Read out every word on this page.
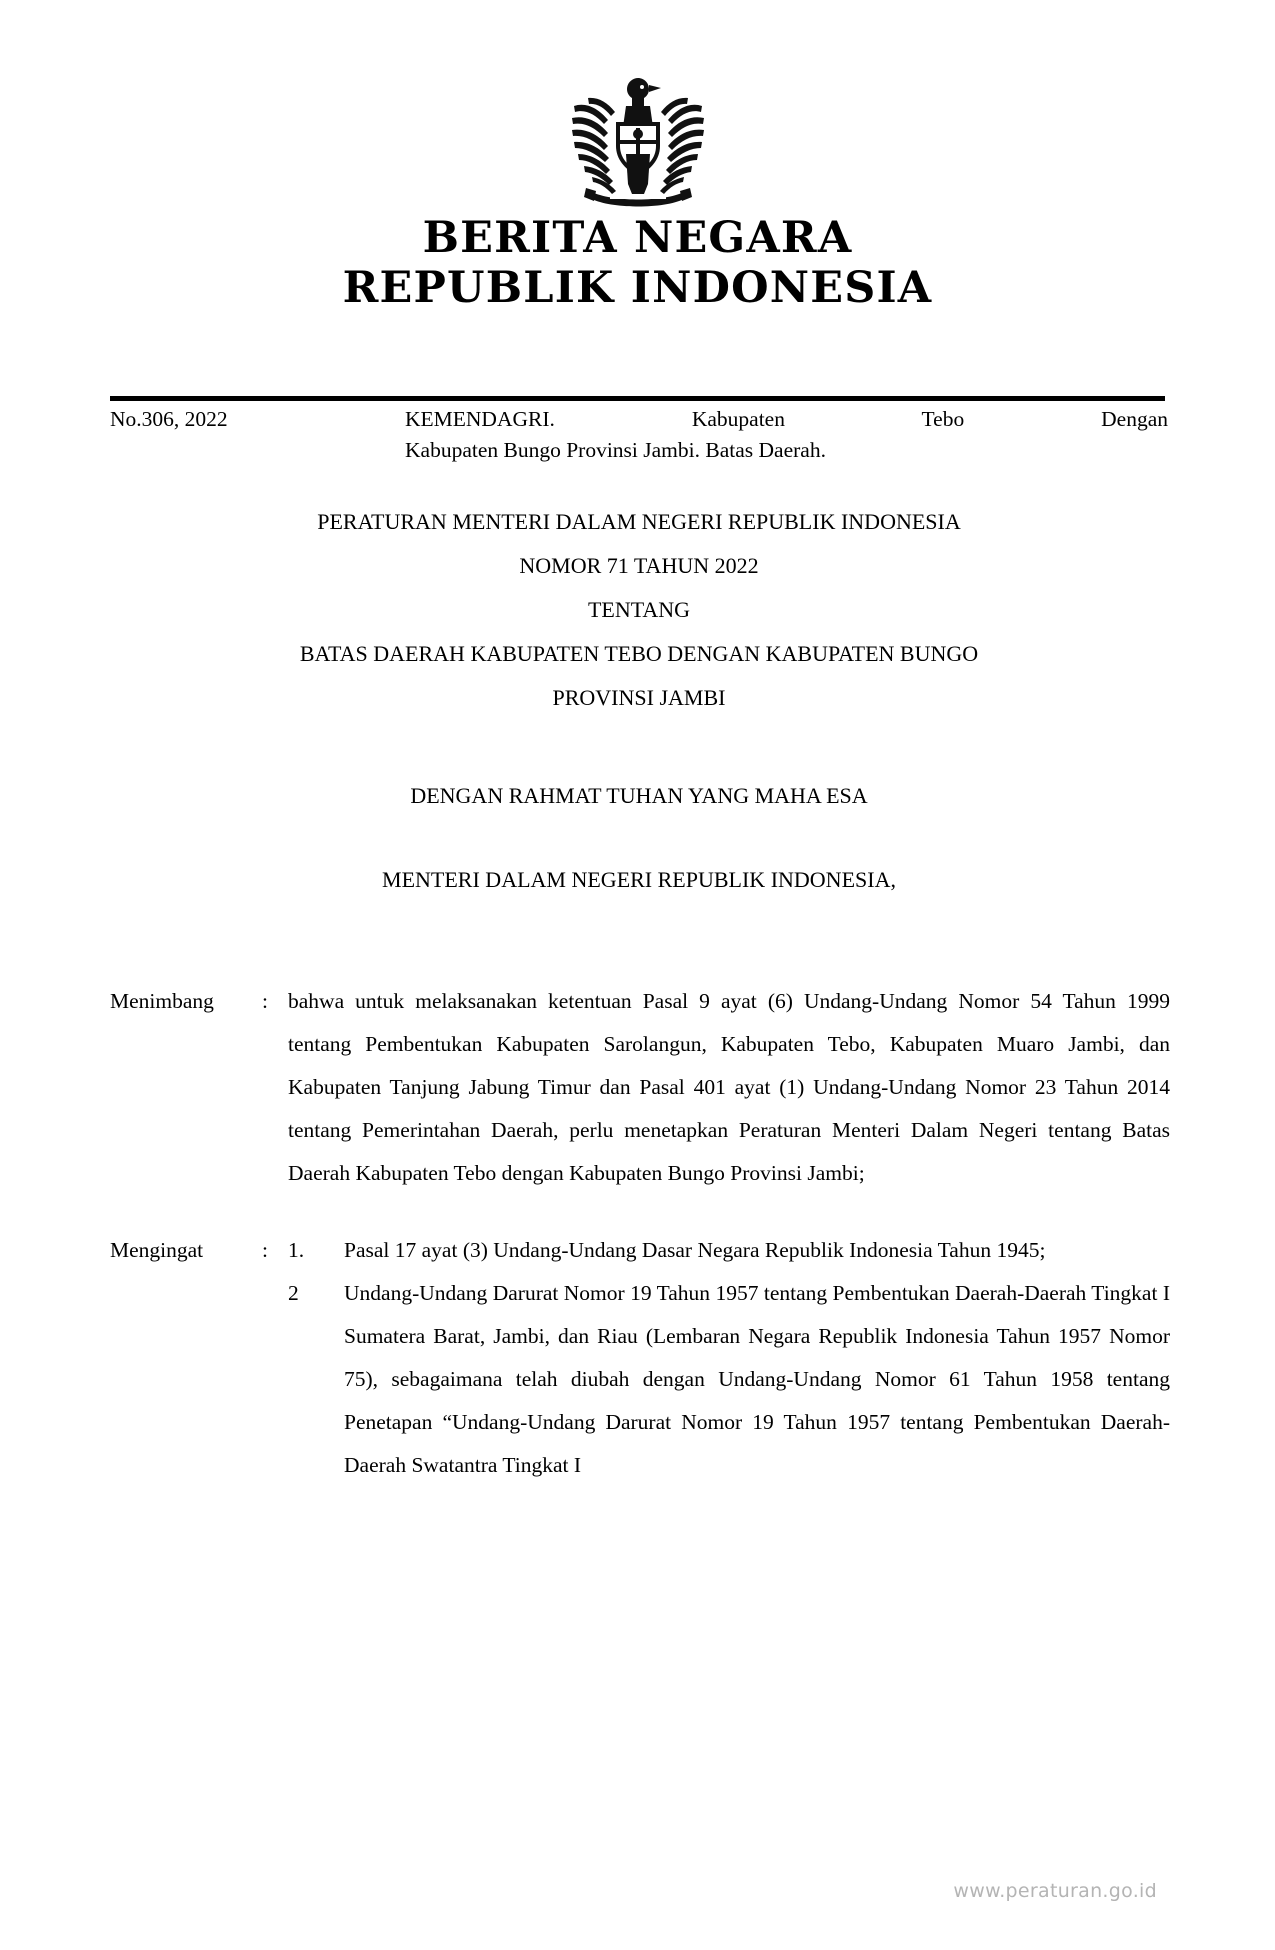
BERITA NEGARA
REPUBLIK INDONESIA
No.306, 2022	KEMENDAGRI. Kabupaten Tebo Dengan
Kabupaten Bungo Provinsi Jambi. Batas Daerah.
PERATURAN MENTERI DALAM NEGERI REPUBLIK INDONESIA
NOMOR 71 TAHUN 2022
TENTANG
BATAS DAERAH KABUPATEN TEBO DENGAN KABUPATEN BUNGO
PROVINSI JAMBI
DENGAN RAHMAT TUHAN YANG MAHA ESA
MENTERI DALAM NEGERI REPUBLIK INDONESIA,
Menimbang	: bahwa untuk melaksanakan ketentuan Pasal 9 ayat (6) Undang-Undang Nomor 54 Tahun 1999 tentang Pembentukan Kabupaten Sarolangun, Kabupaten Tebo, Kabupaten Muaro Jambi, dan Kabupaten Tanjung Jabung Timur dan Pasal 401 ayat (1) Undang-Undang Nomor 23 Tahun 2014 tentang Pemerintahan Daerah, perlu menetapkan Peraturan Menteri Dalam Negeri tentang Batas Daerah Kabupaten Tebo dengan Kabupaten Bungo Provinsi Jambi;

Mengingat	: 1.	Pasal 17 ayat (3) Undang-Undang Dasar Negara Republik Indonesia Tahun 1945;
2	Undang-Undang Darurat Nomor 19 Tahun 1957 tentang Pembentukan Daerah-Daerah Tingkat I Sumatera Barat, Jambi, dan Riau (Lembaran Negara Republik Indonesia Tahun 1957 Nomor 75), sebagaimana telah diubah dengan Undang-Undang Nomor 61 Tahun 1958 tentang Penetapan “Undang-Undang Darurat Nomor 19 Tahun 1957 tentang Pembentukan Daerah-Daerah Swatantra Tingkat I
www.peraturan.go.id
